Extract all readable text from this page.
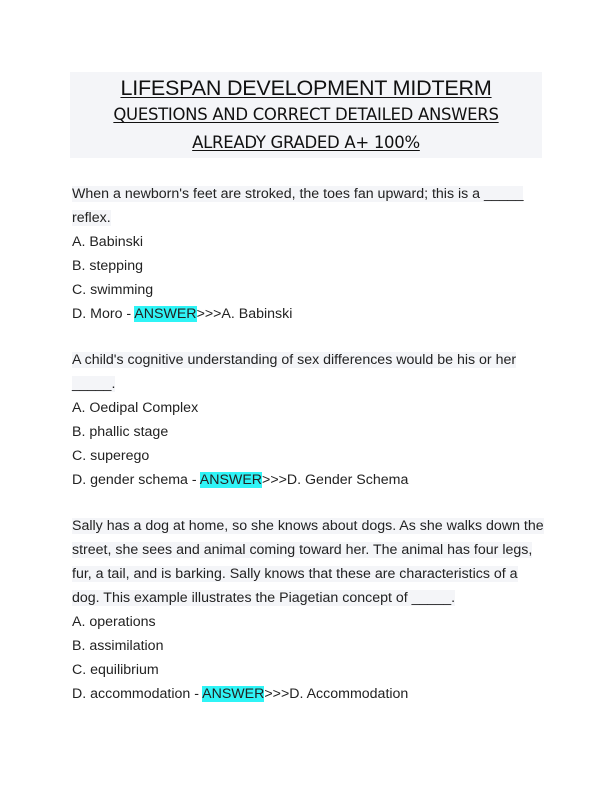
LIFESPAN DEVELOPMENT MIDTERM
QUESTIONS AND CORRECT DETAILED ANSWERS
ALREADY GRADED A+ 100%
When a newborn's feet are stroked, the toes fan upward; this is a _____
reflex.
A. Babinski
B. stepping
C. swimming
D. Moro - ANSWER>>>A. Babinski
A child's cognitive understanding of sex differences would be his or her
_____.
A. Oedipal Complex
B. phallic stage
C. superego
D. gender schema - ANSWER>>>D. Gender Schema
Sally has a dog at home, so she knows about dogs. As she walks down the
street, she sees and animal coming toward her. The animal has four legs,
fur, a tail, and is barking. Sally knows that these are characteristics of a
dog. This example illustrates the Piagetian concept of _____.
A. operations
B. assimilation
C. equilibrium
D. accommodation - ANSWER>>>D. Accommodation
